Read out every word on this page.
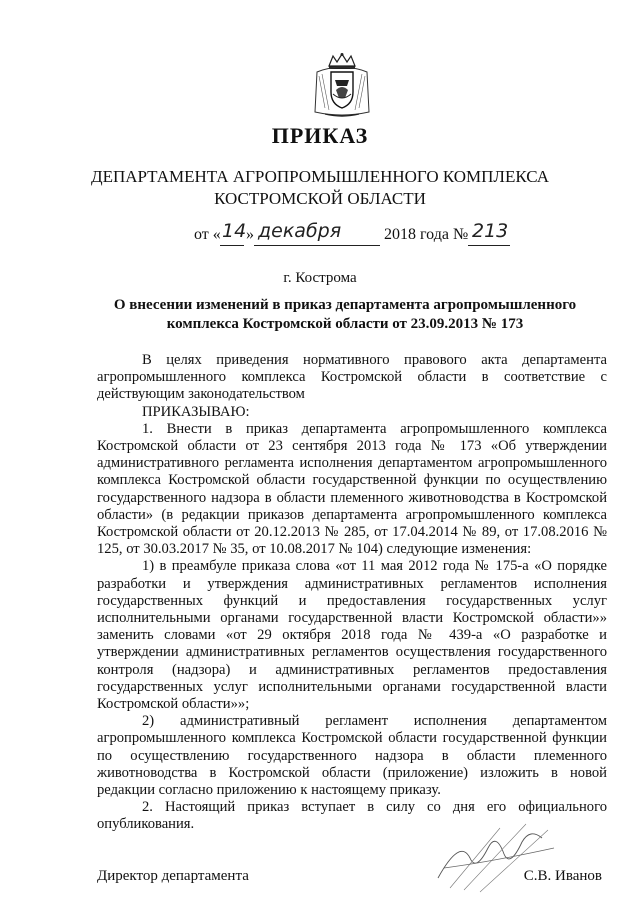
ПРИКАЗ
ДЕПАРТАМЕНТА АГРОПРОМЫШЛЕННОГО КОМПЛЕКСА
КОСТРОМСКОЙ ОБЛАСТИ
от « 14 » декабря	2018 года № 213
г. Кострома
О внесении изменений в приказ департамента агропромышленного комплекса Костромской области от 23.09.2013 № 173

В целях приведения нормативного правового акта департамента агропромышленного комплекса Костромской области в соответствие с действующим законодательством

ПРИКАЗЫВАЮ:

1. Внести в приказ департамента агропромышленного комплекса Костромской области от 23 сентября 2013 года № 173 «Об утверждении административного регламента исполнения департаментом агропромышленного комплекса Костромской области государственной функции по осуществлению государственного надзора в области племенного животноводства в Костромской области» (в редакции приказов департамента агропромышленного комплекса Костромской области от 20.12.2013 № 285, от 17.04.2014 № 89, от 17.08.2016 № 125, от 30.03.2017 № 35, от 10.08.2017 № 104) следующие изменения:

1) в преамбуле приказа слова «от 11 мая 2012 года № 175-а «О порядке разработки и утверждения административных регламентов исполнения государственных функций и предоставления государственных услуг исполнительными органами государственной власти Костромской области»» заменить словами «от 29 октября 2018 года № 439-а «О разработке и утверждении административных регламентов осуществления государственного контроля (надзора) и административных регламентов предоставления государственных услуг исполнительными органами государственной власти Костромской области»»;

2) административный регламент исполнения департаментом агропромышленного комплекса Костромской области государственной функции по осуществлению государственного надзора в области племенного животноводства в Костромской области (приложение) изложить в новой редакции согласно приложению к настоящему приказу.

2. Настоящий приказ вступает в силу со дня его официального опубликования.

Директор департамента	С.В. Иванов
